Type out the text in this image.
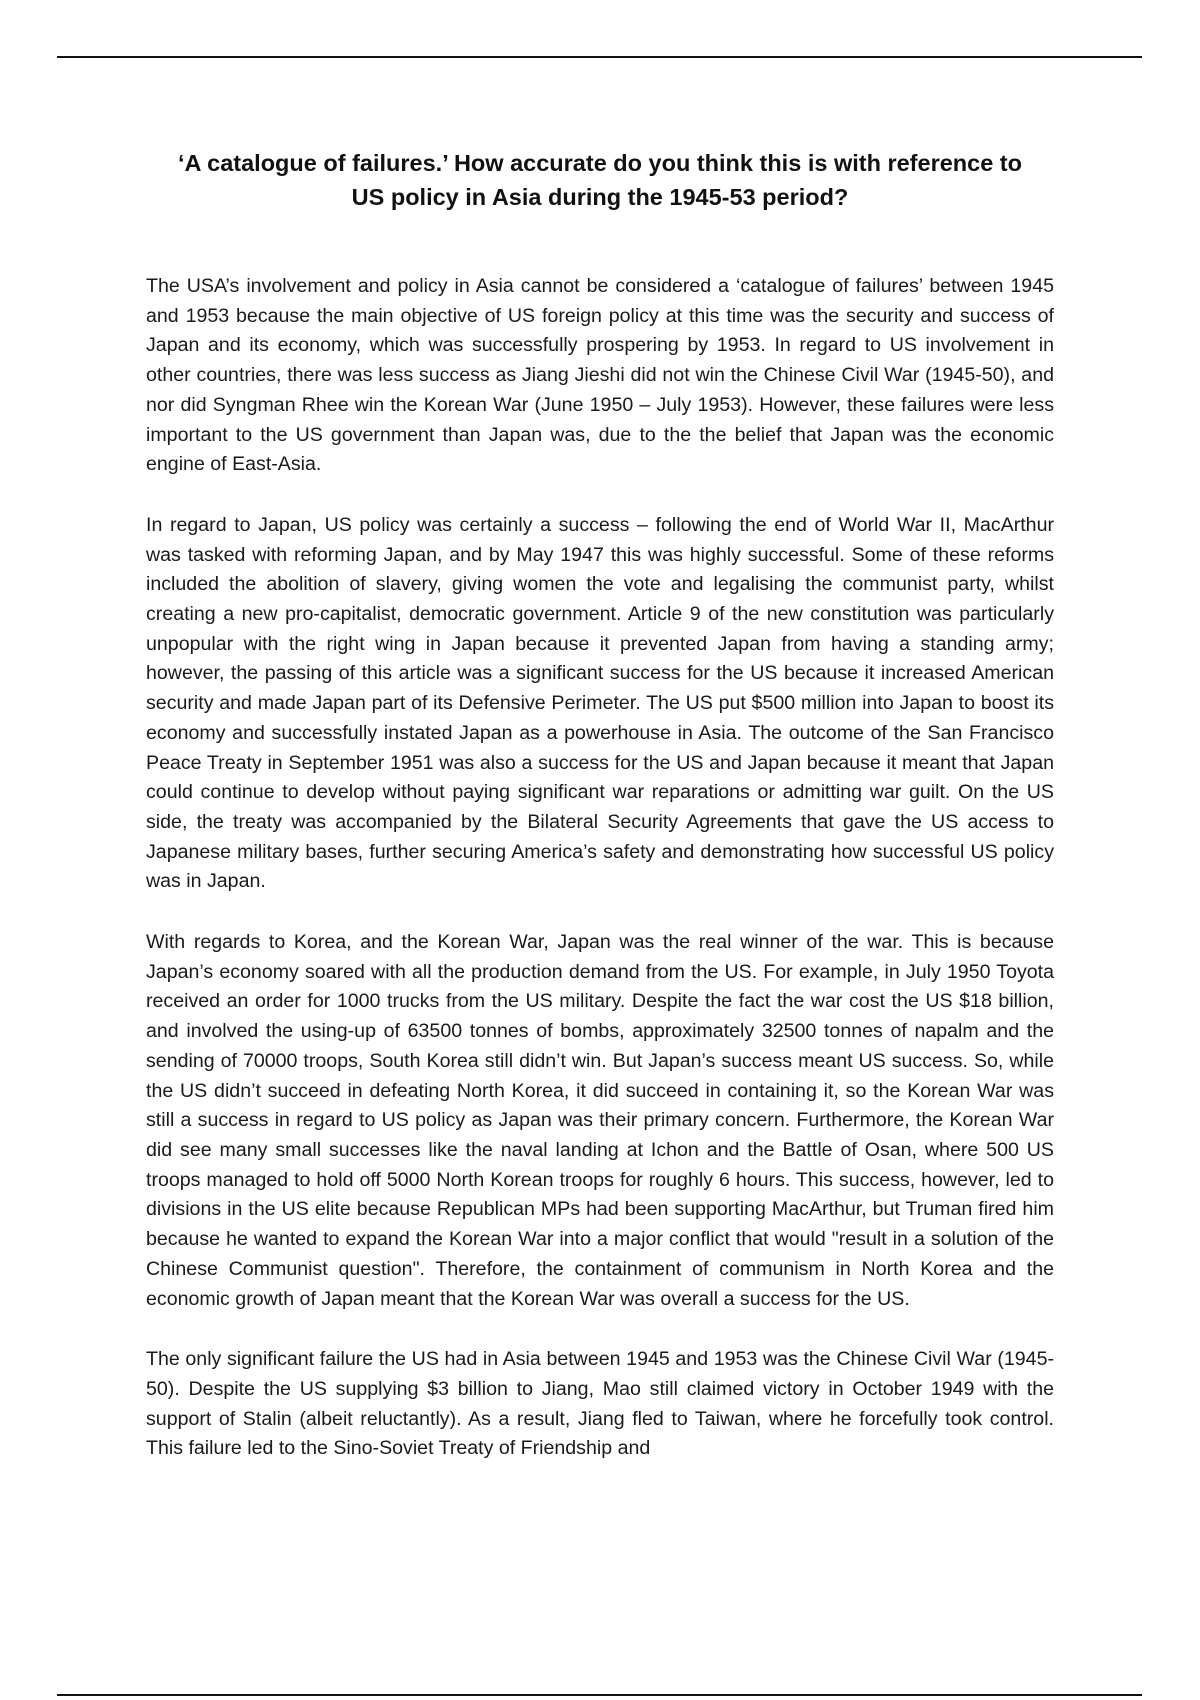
‘A catalogue of failures.’ How accurate do you think this is with reference to
US policy in Asia during the 1945-53 period?

The USA’s involvement and policy in Asia cannot be considered a ‘catalogue of failures’ between 1945 and 1953 because the main objective of US foreign policy at this time was the security and success of Japan and its economy, which was successfully prospering by 1953. In regard to US involvement in other countries, there was less success as Jiang Jieshi did not win the Chinese Civil War (1945-50), and nor did Syngman Rhee win the Korean War (June 1950 – July 1953). However, these failures were less important to the US government than Japan was, due to the the belief that Japan was the economic engine of East-Asia.

In regard to Japan, US policy was certainly a success – following the end of World War II, MacArthur was tasked with reforming Japan, and by May 1947 this was highly successful. Some of these reforms included the abolition of slavery, giving women the vote and legalising the communist party, whilst creating a new pro-capitalist, democratic government. Article 9 of the new constitution was particularly unpopular with the right wing in Japan because it prevented Japan from having a standing army; however, the passing of this article was a significant success for the US because it increased American security and made Japan part of its Defensive Perimeter. The US put $500 million into Japan to boost its economy and successfully instated Japan as a powerhouse in Asia. The outcome of the San Francisco Peace Treaty in September 1951 was also a success for the US and Japan because it meant that Japan could continue to develop without paying significant war reparations or admitting war guilt. On the US side, the treaty was accompanied by the Bilateral Security Agreements that gave the US access to Japanese military bases, further securing America’s safety and demonstrating how successful US policy was in Japan.

With regards to Korea, and the Korean War, Japan was the real winner of the war. This is because Japan’s economy soared with all the production demand from the US. For example, in July 1950 Toyota received an order for 1000 trucks from the US military. Despite the fact the war cost the US $18 billion, and involved the using-up of 63500 tonnes of bombs, approximately 32500 tonnes of napalm and the sending of 70000 troops, South Korea still didn’t win. But Japan’s success meant US success. So, while the US didn’t succeed in defeating North Korea, it did succeed in containing it, so the Korean War was still a success in regard to US policy as Japan was their primary concern. Furthermore, the Korean War did see many small successes like the naval landing at Ichon and the Battle of Osan, where 500 US troops managed to hold off 5000 North Korean troops for roughly 6 hours. This success, however, led to divisions in the US elite because Republican MPs had been supporting MacArthur, but Truman fired him because he wanted to expand the Korean War into a major conflict that would "result in a solution of the Chinese Communist question". Therefore, the containment of communism in North Korea and the economic growth of Japan meant that the Korean War was overall a success for the US.

The only significant failure the US had in Asia between 1945 and 1953 was the Chinese Civil War (1945-50). Despite the US supplying $3 billion to Jiang, Mao still claimed victory in October 1949 with the support of Stalin (albeit reluctantly). As a result, Jiang fled to Taiwan, where he forcefully took control. This failure led to the Sino-Soviet Treaty of Friendship and
